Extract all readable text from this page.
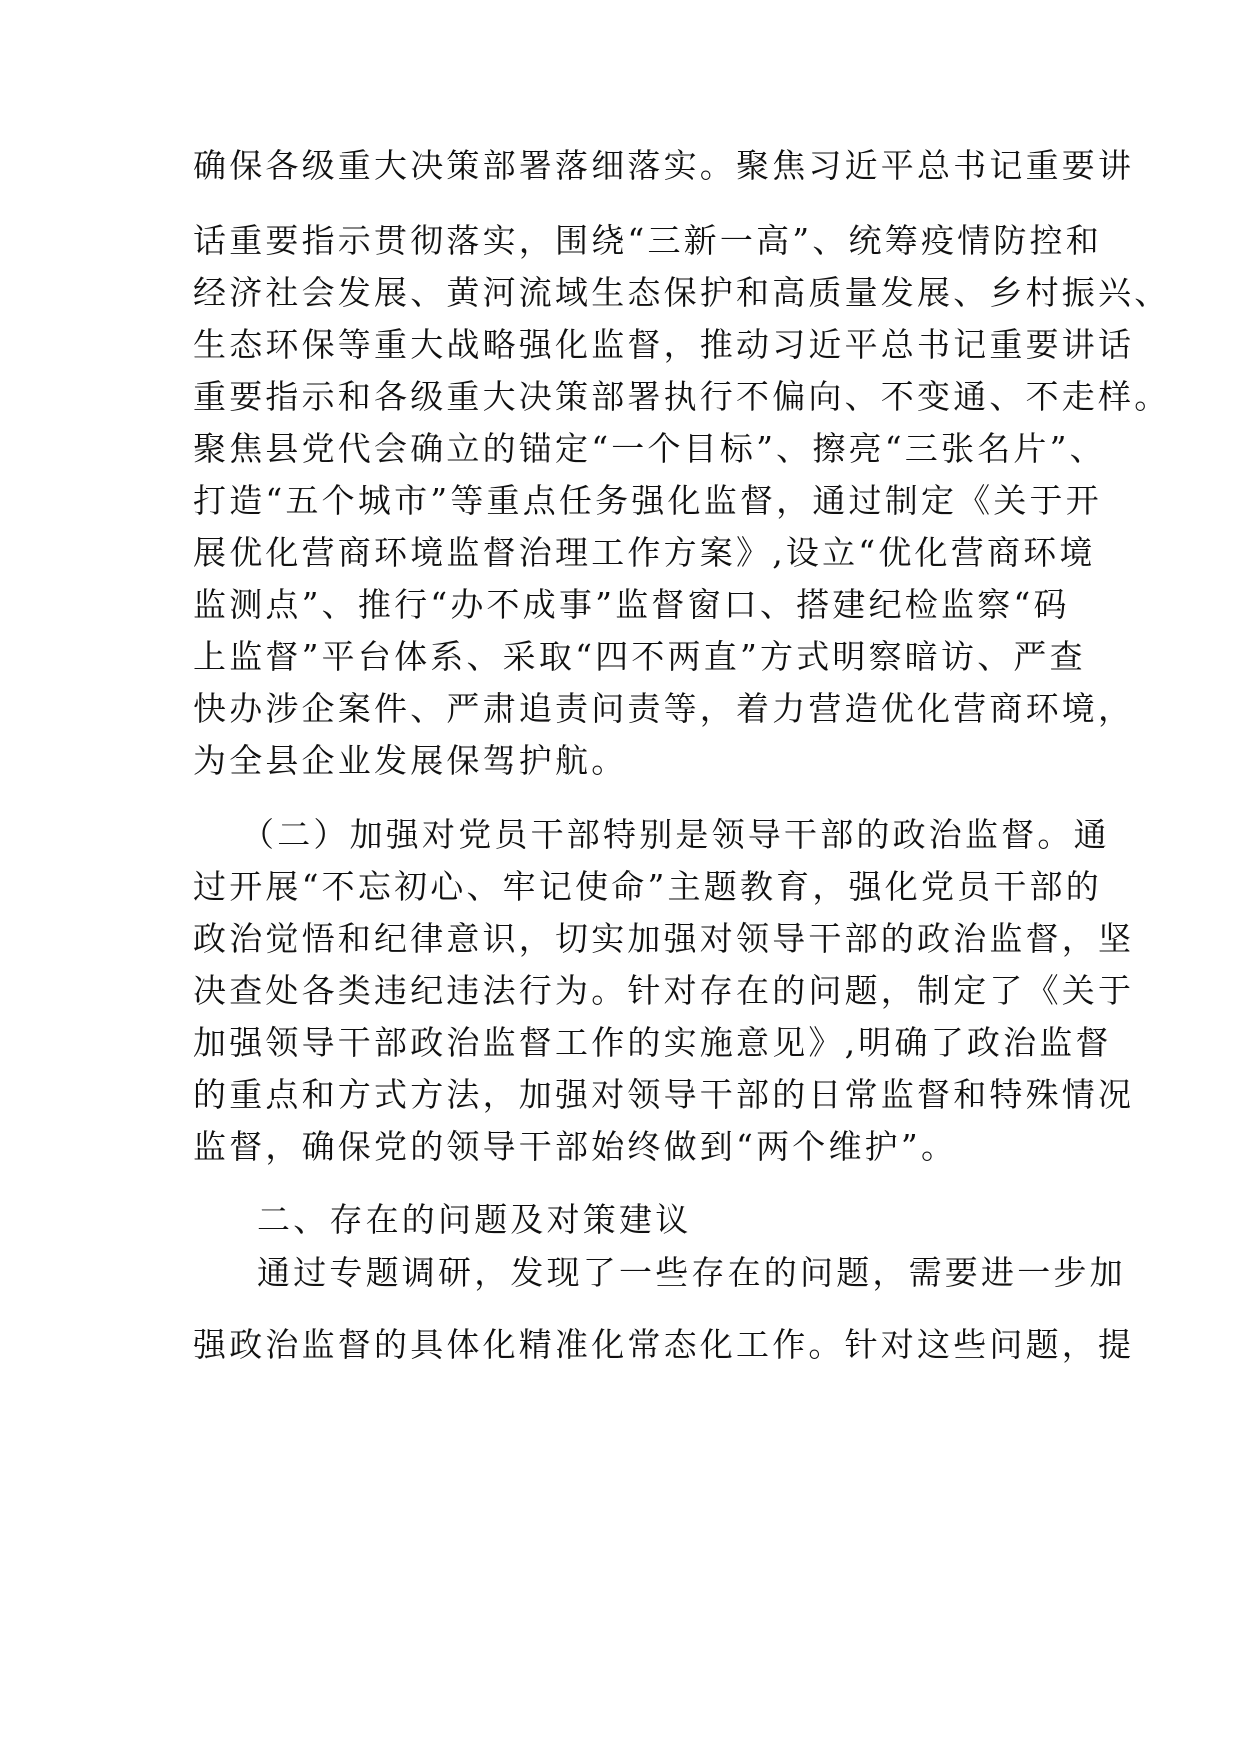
确保各级重大决策部署落细落实。聚焦习近平总书记重要讲
话重要指示贯彻落实，围绕“三新一高”、统筹疫情防控和
经济社会发展、黄河流域生态保护和高质量发展、乡村振兴、
生态环保等重大战略强化监督，推动习近平总书记重要讲话
重要指示和各级重大决策部署执行不偏向、不变通、不走样。
聚焦县党代会确立的锚定“一个目标”、擦亮“三张名片”、
打造“五个城市”等重点任务强化监督，通过制定《关于开
展优化营商环境监督治理工作方案》,设立“优化营商环境
监测点”、推行“办不成事”监督窗口、搭建纪检监察“码
上监督”平台体系、采取“四不两直”方式明察暗访、严查
快办涉企案件、严肃追责问责等，着力营造优化营商环境，
为全县企业发展保驾护航。
（二）加强对党员干部特别是领导干部的政治监督。通
过开展“不忘初心、牢记使命”主题教育，强化党员干部的
政治觉悟和纪律意识，切实加强对领导干部的政治监督，坚
决查处各类违纪违法行为。针对存在的问题，制定了《关于
加强领导干部政治监督工作的实施意见》,明确了政治监督
的重点和方式方法，加强对领导干部的日常监督和特殊情况
监督，确保党的领导干部始终做到“两个维护”。
二、存在的问题及对策建议
通过专题调研，发现了一些存在的问题，需要进一步加
强政治监督的具体化精准化常态化工作。针对这些问题，提
